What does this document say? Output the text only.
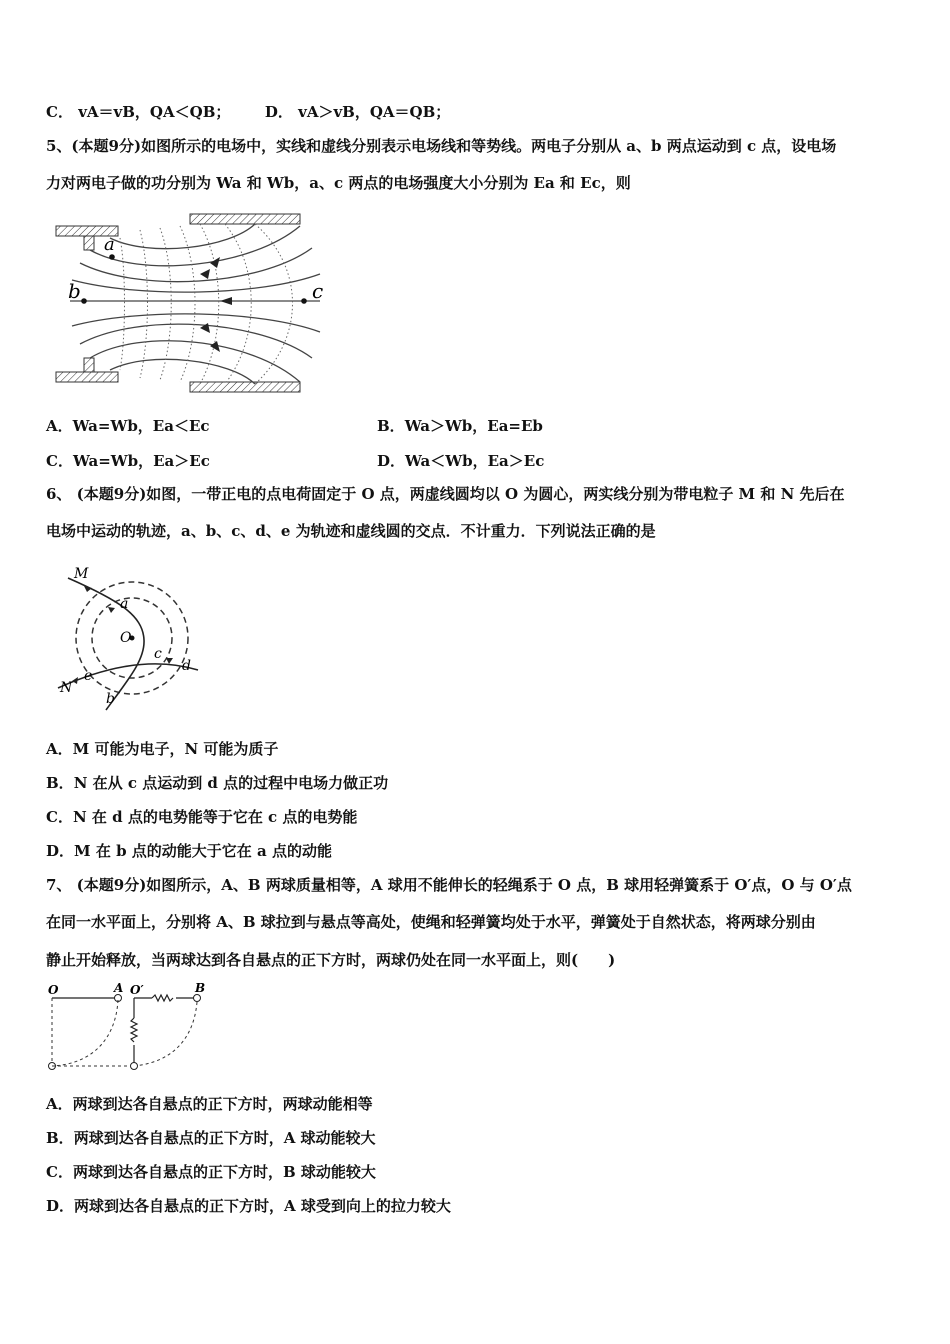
C． vA＝vB，QA＜QB； D． vA＞vB，QA＝QB；
5、(本题9分)如图所示的电场中，实线和虚线分别表示电场线和等势线。两电子分别从 a、b 两点运动到 c 点，设电场
力对两电子做的功分别为 Wa 和 Wb，a、c 两点的电场强度大小分别为 Ea 和 Ec，则
a
b	c
A．Wa=Wb，Ea＜Ec	B．Wa＞Wb，Ea=Eb
C．Wa=Wb，Ea＞Ec	D．Wa＜Wb，Ea＞Ec
6、 (本题9分)如图，一带正电的点电荷固定于 O 点，两虚线圆均以 O 为圆心，两实线分别为带电粒子 M 和 N 先后在
电场中运动的轨迹，a、b、c、d、e 为轨迹和虚线圆的交点．不计重力．下列说法正确的是
M
N
O
a
b
c
d
e
A．M 可能为电子，N 可能为质子
B．N 在从 c 点运动到 d 点的过程中电场力做正功
C．N 在 d 点的电势能等于它在 c 点的电势能
D．M 在 b 点的动能大于它在 a 点的动能
7、 (本题9分)如图所示，A、B 两球质量相等，A 球用不能伸长的轻绳系于 O 点，B 球用轻弹簧系于 O′点，O 与 O′点
在同一水平面上，分别将 A、B 球拉到与悬点等高处，使绳和轻弹簧均处于水平，弹簧处于自然状态，将两球分别由
静止开始释放，当两球达到各自悬点的正下方时，两球仍处在同一水平面上，则(　　)
O	A O′	B
A．两球到达各自悬点的正下方时，两球动能相等
B．两球到达各自悬点的正下方时，A 球动能较大
C．两球到达各自悬点的正下方时，B 球动能较大
D．两球到达各自悬点的正下方时，A 球受到向上的拉力较大
